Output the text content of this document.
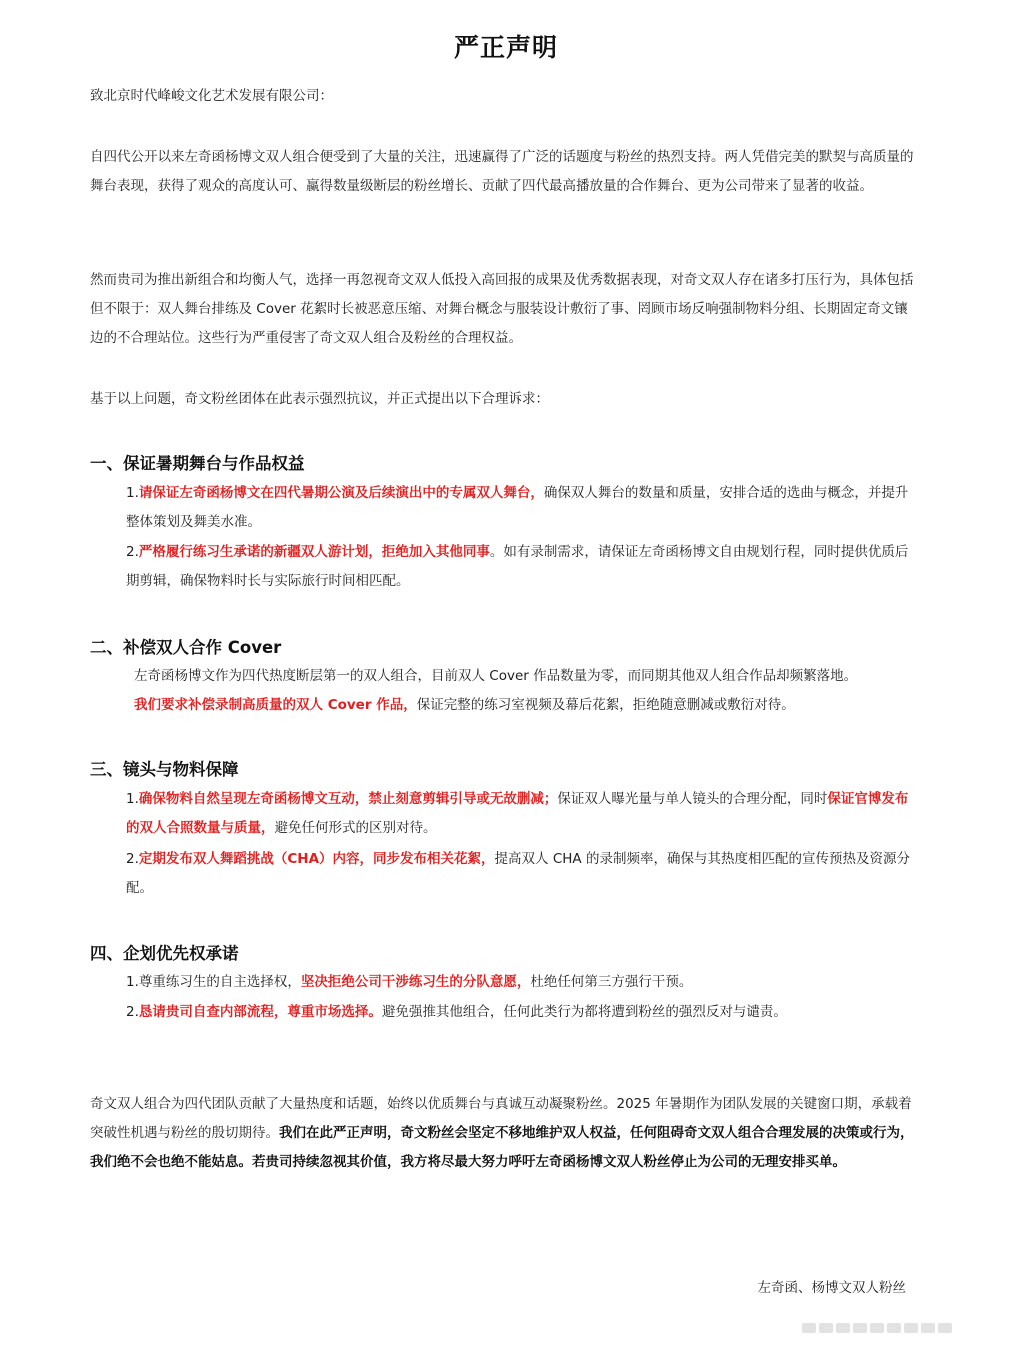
严正声明
致北京时代峰峻文化艺术发展有限公司：
自四代公开以来左奇函杨博文双人组合便受到了大量的关注，迅速赢得了广泛的话题度与粉丝的热烈支持。两人凭借完美的默契与高质量的舞台表现，获得了观众的高度认可、赢得数量级断层的粉丝增长、贡献了四代最高播放量的合作舞台、更为公司带来了显著的收益。
然而贵司为推出新组合和均衡人气，选择一再忽视奇文双人低投入高回报的成果及优秀数据表现，对奇文双人存在诸多打压行为，具体包括但不限于：双人舞台排练及 Cover 花絮时长被恶意压缩、对舞台概念与服装设计敷衍了事、罔顾市场反响强制物料分组、长期固定奇文镶边的不合理站位。这些行为严重侵害了奇文双人组合及粉丝的合理权益。
基于以上问题，奇文粉丝团体在此表示强烈抗议，并正式提出以下合理诉求：
一、保证暑期舞台与作品权益
1.请保证左奇函杨博文在四代暑期公演及后续演出中的专属双人舞台，确保双人舞台的数量和质量，安排合适的选曲与概念，并提升整体策划及舞美水准。
2.严格履行练习生承诺的新疆双人游计划，拒绝加入其他同事。如有录制需求，请保证左奇函杨博文自由规划行程，同时提供优质后期剪辑，确保物料时长与实际旅行时间相匹配。
二、补偿双人合作 Cover
左奇函杨博文作为四代热度断层第一的双人组合，目前双人 Cover 作品数量为零，而同期其他双人组合作品却频繁落地。
我们要求补偿录制高质量的双人 Cover 作品，保证完整的练习室视频及幕后花絮，拒绝随意删减或敷衍对待。
三、镜头与物料保障
1.确保物料自然呈现左奇函杨博文互动，禁止刻意剪辑引导或无故删减；保证双人曝光量与单人镜头的合理分配，同时保证官博发布的双人合照数量与质量，避免任何形式的区别对待。
2.定期发布双人舞蹈挑战（CHA）内容，同步发布相关花絮，提高双人 CHA 的录制频率，确保与其热度相匹配的宣传预热及资源分配。
四、企划优先权承诺
1.尊重练习生的自主选择权，坚决拒绝公司干涉练习生的分队意愿，杜绝任何第三方强行干预。
2.恳请贵司自查内部流程，尊重市场选择。避免强推其他组合，任何此类行为都将遭到粉丝的强烈反对与谴责。
奇文双人组合为四代团队贡献了大量热度和话题，始终以优质舞台与真诚互动凝聚粉丝。2025 年暑期作为团队发展的关键窗口期，承载着突破性机遇与粉丝的殷切期待。我们在此严正声明，奇文粉丝会坚定不移地维护双人权益，任何阻碍奇文双人组合合理发展的决策或行为，我们绝不会也绝不能姑息。若贵司持续忽视其价值，我方将尽最大努力呼吁左奇函杨博文双人粉丝停止为公司的无理安排买单。
左奇函、杨博文双人粉丝
